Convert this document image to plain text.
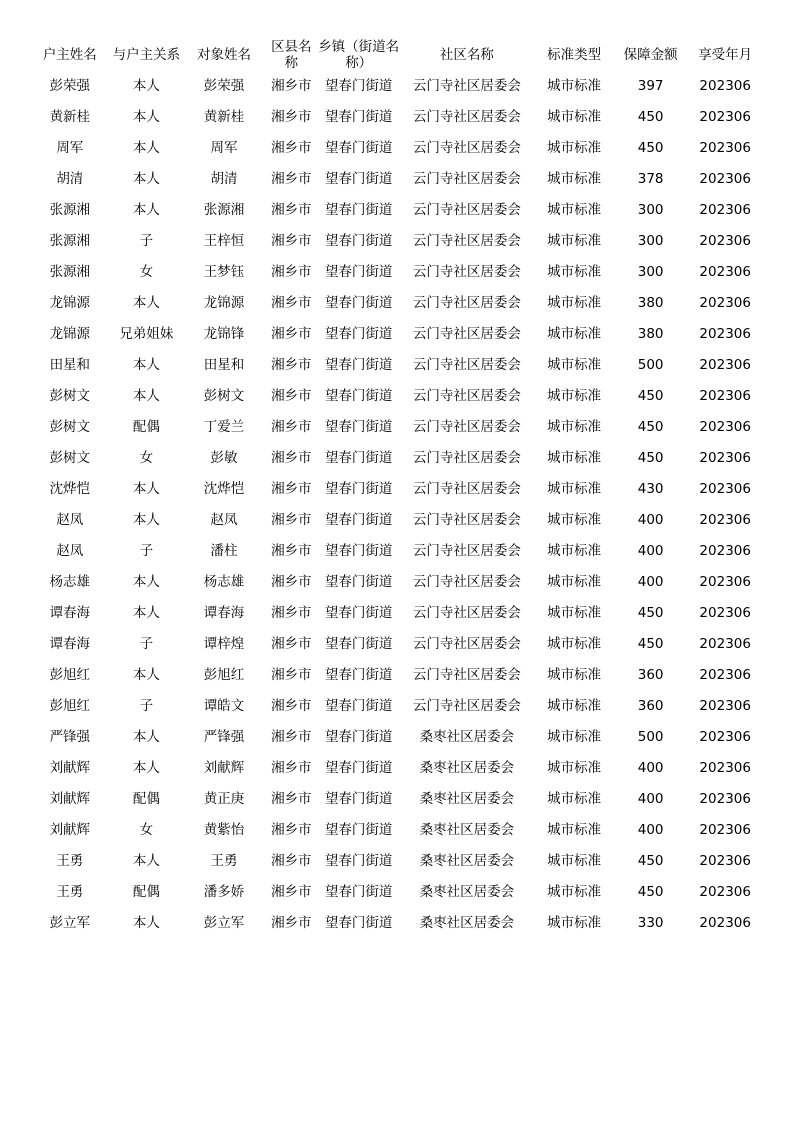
户主姓名	与户主关系	对象姓名	区县名称	乡镇（街道名称）	社区名称	标准类型	保障金额	享受年月
彭荣强	本人	彭荣强	湘乡市	望春门街道	云门寺社区居委会	城市标准	397	202306
黄新桂	本人	黄新桂	湘乡市	望春门街道	云门寺社区居委会	城市标准	450	202306
周军	本人	周军	湘乡市	望春门街道	云门寺社区居委会	城市标准	450	202306
胡清	本人	胡清	湘乡市	望春门街道	云门寺社区居委会	城市标准	378	202306
张源湘	本人	张源湘	湘乡市	望春门街道	云门寺社区居委会	城市标准	300	202306
张源湘	子	王梓恒	湘乡市	望春门街道	云门寺社区居委会	城市标准	300	202306
张源湘	女	王梦钰	湘乡市	望春门街道	云门寺社区居委会	城市标准	300	202306
龙锦源	本人	龙锦源	湘乡市	望春门街道	云门寺社区居委会	城市标准	380	202306
龙锦源	兄弟姐妹	龙锦锋	湘乡市	望春门街道	云门寺社区居委会	城市标准	380	202306
田星和	本人	田星和	湘乡市	望春门街道	云门寺社区居委会	城市标准	500	202306
彭树文	本人	彭树文	湘乡市	望春门街道	云门寺社区居委会	城市标准	450	202306
彭树文	配偶	丁爱兰	湘乡市	望春门街道	云门寺社区居委会	城市标准	450	202306
彭树文	女	彭敏	湘乡市	望春门街道	云门寺社区居委会	城市标准	450	202306
沈烨恺	本人	沈烨恺	湘乡市	望春门街道	云门寺社区居委会	城市标准	430	202306
赵凤	本人	赵凤	湘乡市	望春门街道	云门寺社区居委会	城市标准	400	202306
赵凤	子	潘柱	湘乡市	望春门街道	云门寺社区居委会	城市标准	400	202306
杨志雄	本人	杨志雄	湘乡市	望春门街道	云门寺社区居委会	城市标准	400	202306
谭春海	本人	谭春海	湘乡市	望春门街道	云门寺社区居委会	城市标准	450	202306
谭春海	子	谭梓煌	湘乡市	望春门街道	云门寺社区居委会	城市标准	450	202306
彭旭红	本人	彭旭红	湘乡市	望春门街道	云门寺社区居委会	城市标准	360	202306
彭旭红	子	谭皓文	湘乡市	望春门街道	云门寺社区居委会	城市标准	360	202306
严锋强	本人	严锋强	湘乡市	望春门街道	桑枣社区居委会	城市标准	500	202306
刘献辉	本人	刘献辉	湘乡市	望春门街道	桑枣社区居委会	城市标准	400	202306
刘献辉	配偶	黄正庚	湘乡市	望春门街道	桑枣社区居委会	城市标准	400	202306
刘献辉	女	黄紫怡	湘乡市	望春门街道	桑枣社区居委会	城市标准	400	202306
王勇	本人	王勇	湘乡市	望春门街道	桑枣社区居委会	城市标准	450	202306
王勇	配偶	潘多娇	湘乡市	望春门街道	桑枣社区居委会	城市标准	450	202306
彭立军	本人	彭立军	湘乡市	望春门街道	桑枣社区居委会	城市标准	330	202306
